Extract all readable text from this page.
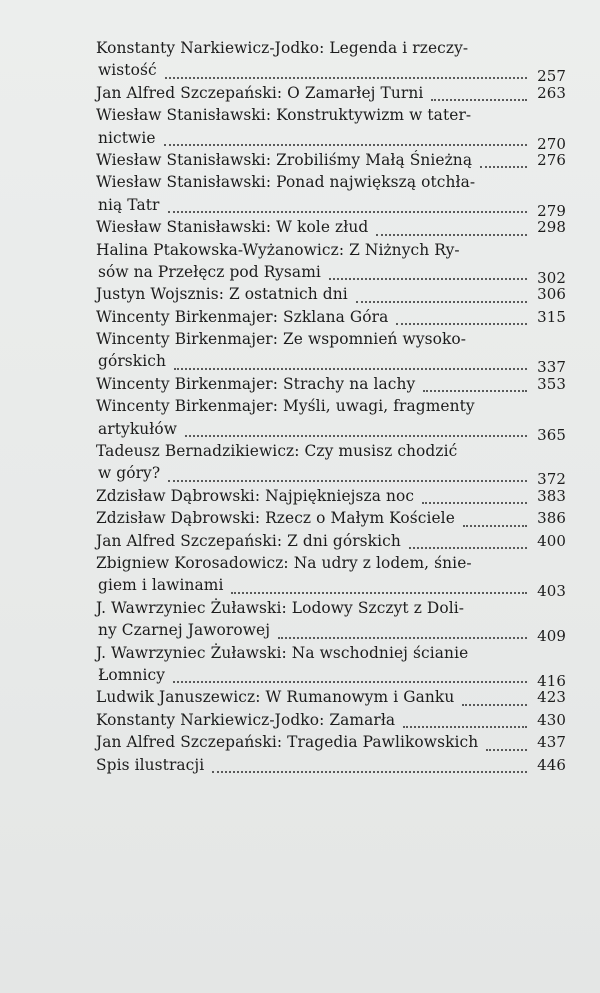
Konstanty Narkiewicz-Jodko: Legenda i rzeczy-
wistość	257
Jan Alfred Szczepański: O Zamarłej Turni	263
Wiesław Stanisławski: Konstruktywizm w tater-
nictwie	270
Wiesław Stanisławski: Zrobiliśmy Małą Śnieżną	276
Wiesław Stanisławski: Ponad największą otchła-
nią Tatr	279
Wiesław Stanisławski: W kole złud	298
Halina Ptakowska-Wyżanowicz: Z Niżnych Ry-
sów na Przełęcz pod Rysami	302
Justyn Wojsznis: Z ostatnich dni	306
Wincenty Birkenmajer: Szklana Góra	315
Wincenty Birkenmajer: Ze wspomnień wysoko-
górskich	337
Wincenty Birkenmajer: Strachy na lachy	353
Wincenty Birkenmajer: Myśli, uwagi, fragmenty
artykułów	365
Tadeusz Bernadzikiewicz: Czy musisz chodzić
w góry?	372
Zdzisław Dąbrowski: Najpiękniejsza noc	383
Zdzisław Dąbrowski: Rzecz o Małym Kościele	386
Jan Alfred Szczepański: Z dni górskich	400
Zbigniew Korosadowicz: Na udry z lodem, śnie-
giem i lawinami	403
J. Wawrzyniec Żuławski: Lodowy Szczyt z Doli-
ny Czarnej Jaworowej	409
J. Wawrzyniec Żuławski: Na wschodniej ścianie
Łomnicy	416
Ludwik Januszewicz: W Rumanowym i Ganku	423
Konstanty Narkiewicz-Jodko: Zamarła	430
Jan Alfred Szczepański: Tragedia Pawlikowskich	437
Spis ilustracji	446
